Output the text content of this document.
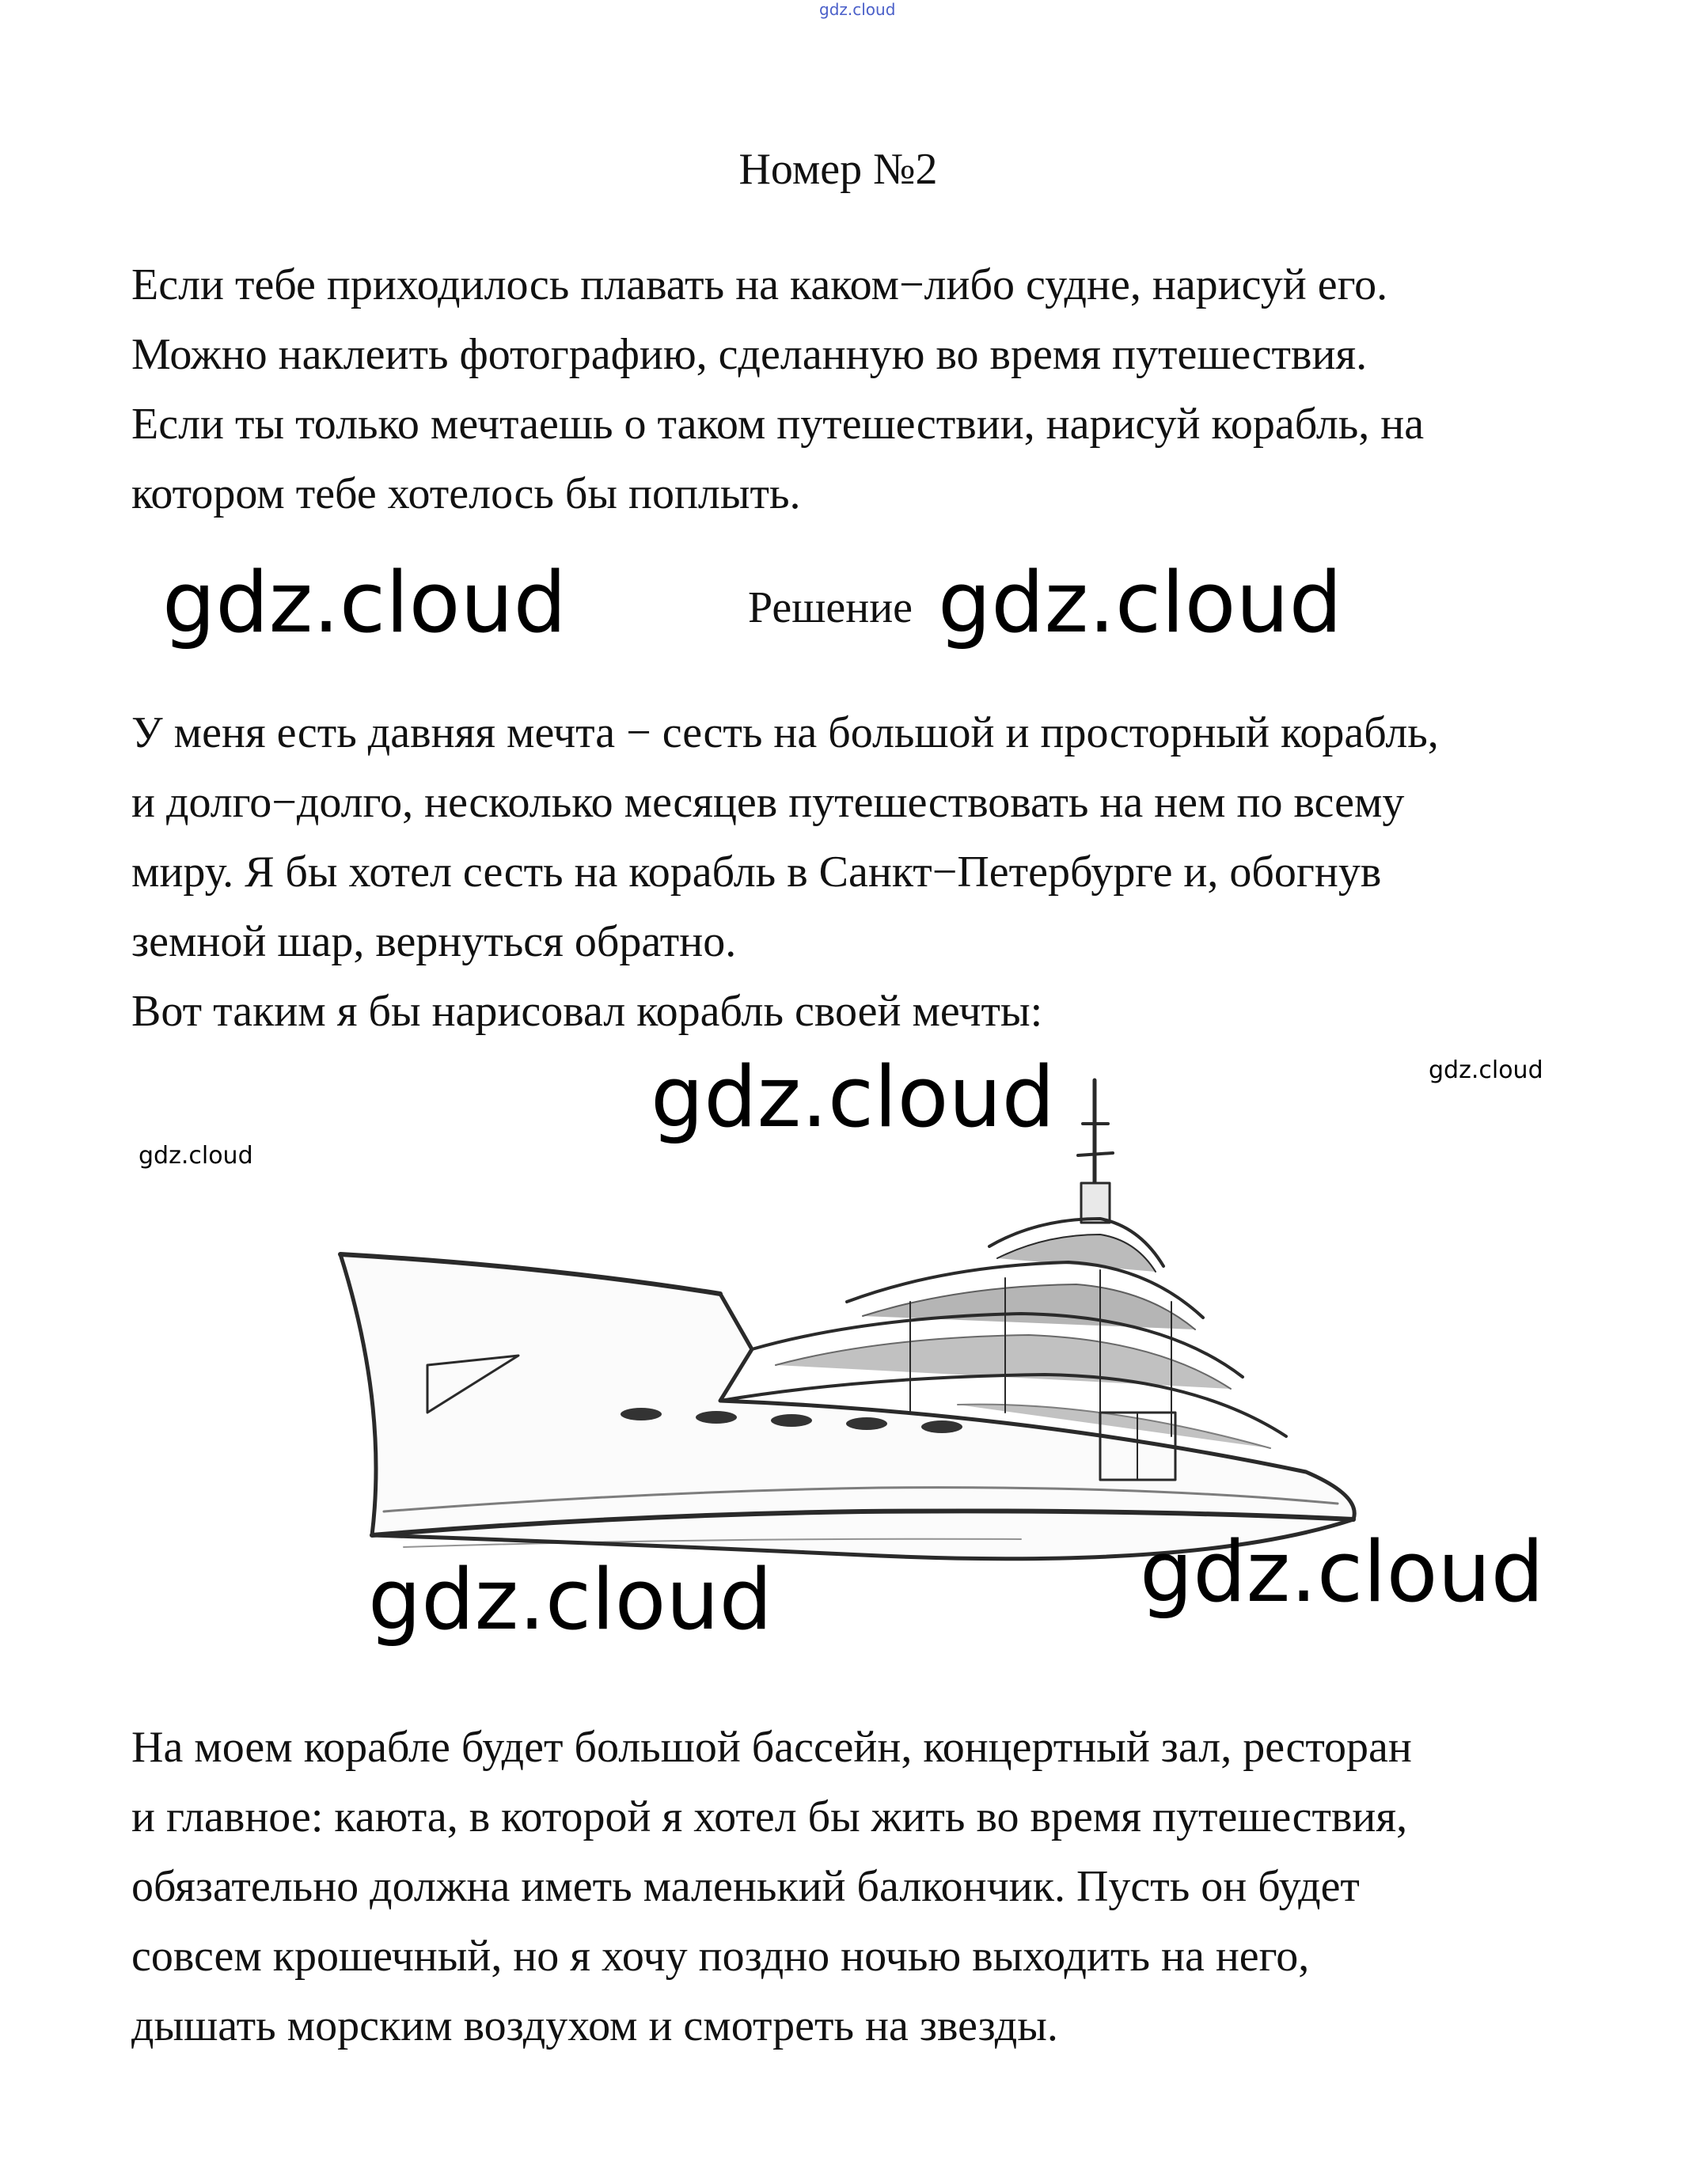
gdz.cloud
Номер №2
Если тебе приходилось плавать на каком−либо судне, нарисуй его.
Можно наклеить фотографию, сделанную во время путешествия.
Если ты только мечтаешь о таком путешествии, нарисуй корабль, на
котором тебе хотелось бы поплыть.
gdz.cloud	Решение gdz.cloud
У меня есть давняя мечта − сесть на большой и просторный корабль,
и долго−долго, несколько месяцев путешествовать на нем по всему
миру. Я бы хотел сесть на корабль в Санкт−Петербурге и, обогнув
земной шар, вернуться обратно.
Вот таким я бы нарисовал корабль своей мечты:
gdz.cloud	gdz.cloud
gdz.cloud
gdz.cloud
gdz.cloud
На моем корабле будет большой бассейн, концертный зал, ресторан
и главное: каюта, в которой я хотел бы жить во время путешествия,
обязательно должна иметь маленький балкончик. Пусть он будет
совсем крошечный, но я хочу поздно ночью выходить на него,
дышать морским воздухом и смотреть на звезды.
